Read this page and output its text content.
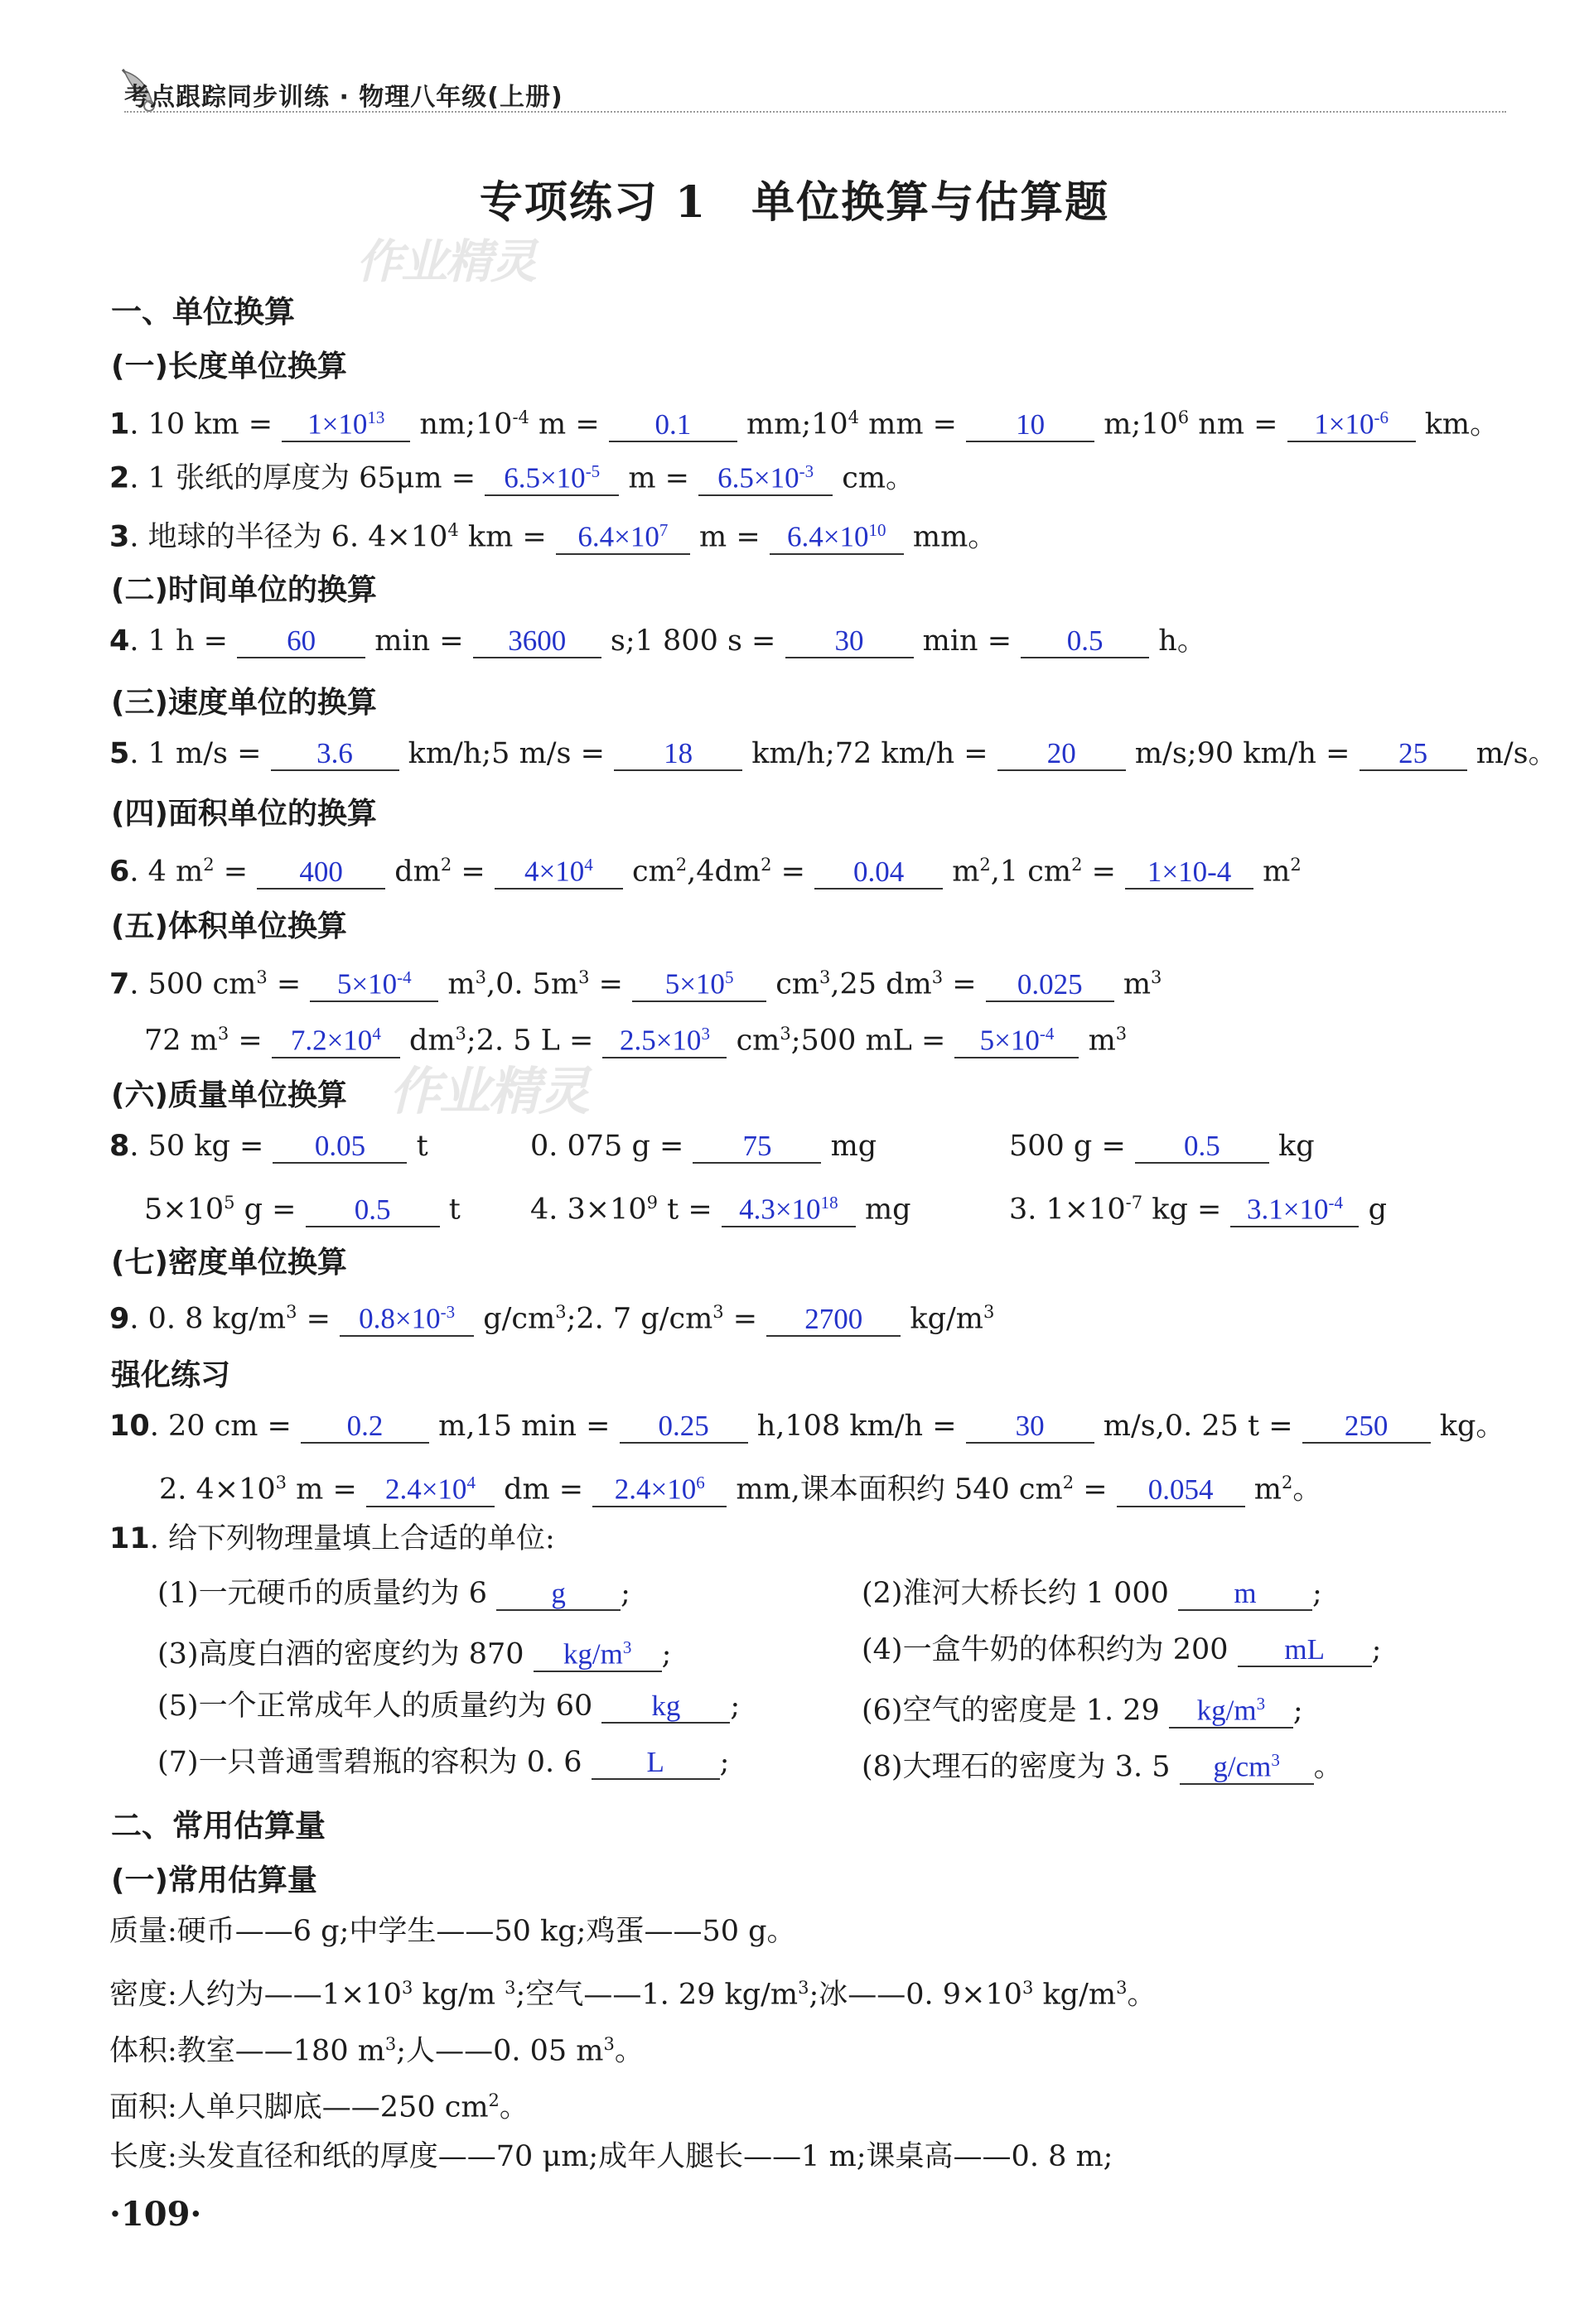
考点跟踪同步训练 · 物理八年级(上册)
专项练习 1　单位换算与估算题
作业精灵
作业精灵
一、单位换算
(一)长度单位换算
1. 10 km = $1\times 10^{13}$ $nm;10^{-4}$ m = 0.1 $mm;10^4$ mm = 10 $m;10^6$ nm = $1\times 10^{-6}$ km。
2. 1 张纸的厚度为 $65\mu m = 6.5\times 10^{-5}$ $m = 6.5\times 10^{-3}$ cm。
3. 地球的半径为 6. $4\times 10^4$ km = $6.4\times 10^7$ $m = 6.4\times 10^{10}$ mm。
(二)时间单位的换算
4. 1 h = 60 min = 3600 s;1 800 s = 30 min = 0.5 h。
(三)速度单位的换算
5. 1 m/s = 3.6 km/h;5 m/s = 18 km/h;72 km/h = 20 m/s;90 km/h = 25 m/s。
(四)面积单位的换算
6. 4 $m^2 = 400$ $dm^2 = 4\times 10^4$ $cm^2,4dm^2 = 0.04$ $m^2,1$ $cm^2 = 1\times 10-4$ $m^2$
(五)体积单位换算
7. 500 $cm^3 = 5\times 10^{-4}$ $m^3,0$. $5m^3 = 5\times 10^5$ $cm^3,25$ $dm^3 = 0.025$ $m^3$
72 $m^3 = 7.2\times 10^4$ $dm^3;2$. 5 $L = 2.5\times 10^3$ $cm^3;500$ mL = $5\times 10^{-4}$ $m^3$
(六)质量单位换算
8. 50 kg = 0.05 t	0. 075 g = 75 mg	500 g = 0.5 kg
$5\times 10^5$ g = 0.5 t 4. $3\times 10^9$ $t = 4.3\times 10^{18}$ mg	3. $1\times 10^{-7}$ kg = $3.1\times 10^{-4}$ g
(七)密度单位换算
9. 0. 8 $kg/m^3 = 0.8\times 10^{-3}$ $g/cm^3;2$. 7 $g/cm^3 = 2700$ $kg/m^3$
强化练习
10. 20 cm = 0.2 m,15 min = 0.25 h,108 km/h = 30 m/s,0. 25 t = 250 kg。
2. $4\times 10^3$ $m = 2.4\times 10^4$ dm = $2.4\times 10^6$ mm,课本面积约 540 $cm^2 = 0.054$ $m^2$。
11. 给下列物理量填上合适的单位:
(1)一元硬币的质量约为 6 g ;	(2)淮河大桥长约 1 000 m ;
(3)高度白酒的密度约为 870 $kg/m^3$ ;	(4)一盒牛奶的体积约为 200 mL ;
(5)一个正常成年人的质量约为 60 kg ;	(6)空气的密度是 1. 29 $kg/m^3$ ;
(7)一只普通雪碧瓶的容积为 0. 6 L ;	(8)大理石的密度为 3. 5 $g/cm^3$ 。
二、常用估算量
(一)常用估算量
质量:硬币——6 g;中学生——50 kg;鸡蛋——50 g。
密度:人约为$——1\times 10^3$ kg/m $^3$;空气——1. 29 $kg/m^3$;冰——0. $9\times 10^3$ $kg/m^3$。
体积:教室——180 $m^3$;人——0. 05 $m^3$。
面积:人单只脚底——250 $cm^2$。
长度:头发直径和纸的厚度——70 μm;成年人腿长——1 m;课桌高——0. 8 m;
·109·
